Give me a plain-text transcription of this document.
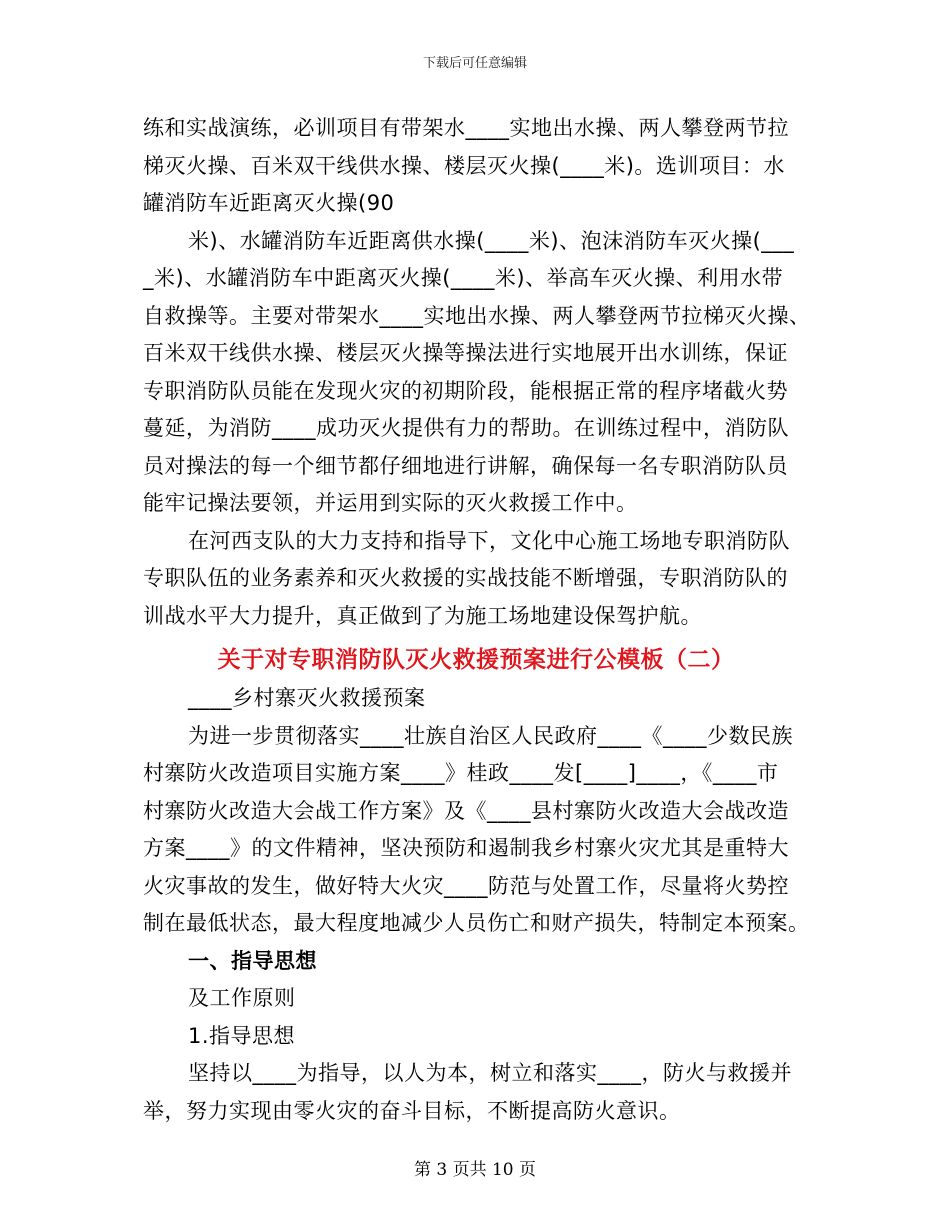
下载后可任意编辑
练和实战演练，必训项目有带架水____实地出水操、两人攀登两节拉
梯灭火操、百米双干线供水操、楼层灭火操(____米)。选训项目：水
罐消防车近距离灭火操(90
米)、水罐消防车近距离供水操(____米)、泡沫消防车灭火操(___
_米)、水罐消防车中距离灭火操(____米)、举高车灭火操、利用水带
自救操等。主要对带架水____实地出水操、两人攀登两节拉梯灭火操、
百米双干线供水操、楼层灭火操等操法进行实地展开出水训练，保证
专职消防队员能在发现火灾的初期阶段，能根据正常的程序堵截火势
蔓延，为消防____成功灭火提供有力的帮助。在训练过程中，消防队
员对操法的每一个细节都仔细地进行讲解，确保每一名专职消防队员
能牢记操法要领，并运用到实际的灭火救援工作中。
在河西支队的大力支持和指导下，文化中心施工场地专职消防队
专职队伍的业务素养和灭火救援的实战技能不断增强，专职消防队的
训战水平大力提升，真正做到了为施工场地建设保驾护航。
关于对专职消防队灭火救援预案进行公模板（二）
____乡村寨灭火救援预案
为进一步贯彻落实____壮族自治区人民政府____《____少数民族
村寨防火改造项目实施方案____》桂政____发[____]____，《____市
村寨防火改造大会战工作方案》及《____县村寨防火改造大会战改造
方案____》的文件精神，坚决预防和遏制我乡村寨火灾尤其是重特大
火灾事故的发生，做好特大火灾____防范与处置工作，尽量将火势控
制在最低状态，最大程度地减少人员伤亡和财产损失，特制定本预案。
一、指导思想
及工作原则
1.指导思想
坚持以____为指导，以人为本，树立和落实____，防火与救援并
举，努力实现由零火灾的奋斗目标，不断提高防火意识。
第 3 页共 10 页
